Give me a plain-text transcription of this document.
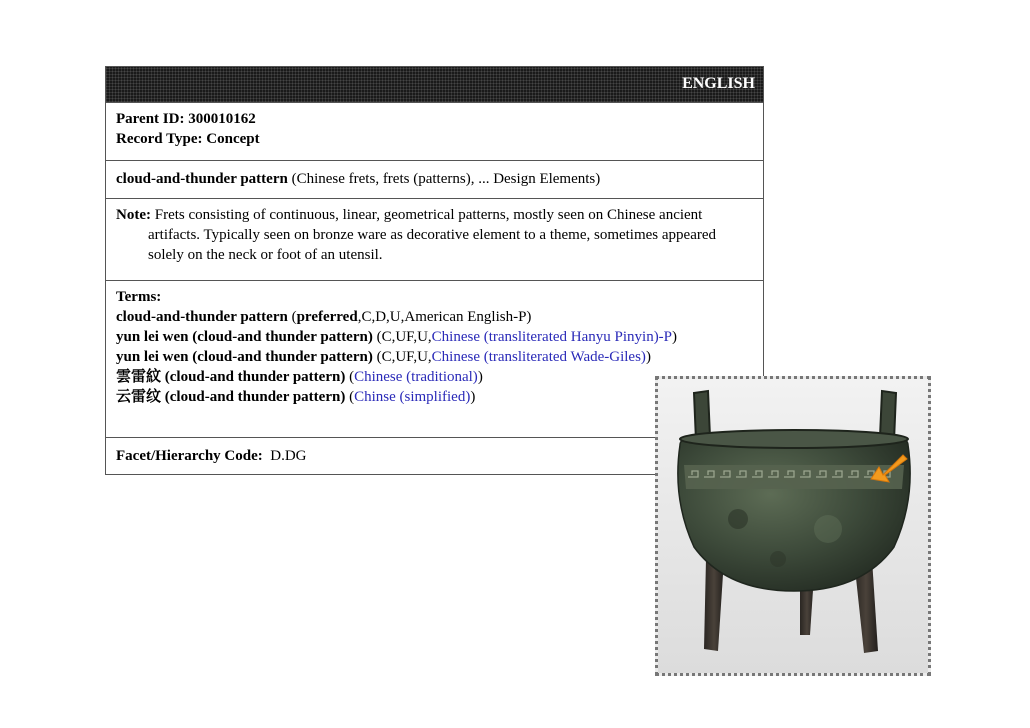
ENGLISH
Parent ID: 300010162
Record Type: Concept
cloud-and-thunder pattern (Chinese frets, frets (patterns), ... Design Elements)
Note: Frets consisting of continuous, linear, geometrical patterns, mostly seen on Chinese ancient artifacts. Typically seen on bronze ware as decorative element to a theme, sometimes appeared solely on the neck or foot of an utensil.
Terms:
cloud-and-thunder pattern (preferred,C,D,U,American English-P)
yun lei wen (cloud-and thunder pattern) (C,UF,U,Chinese (transliterated Hanyu Pinyin)-P)
yun lei wen (cloud-and thunder pattern) (C,UF,U,Chinese (transliterated Wade-Giles))
雲雷紋 (cloud-and thunder pattern) (Chinese (traditional))
云雷纹 (cloud-and thunder pattern) (Chinse (simplified))
Facet/Hierarchy Code:  D.DG
